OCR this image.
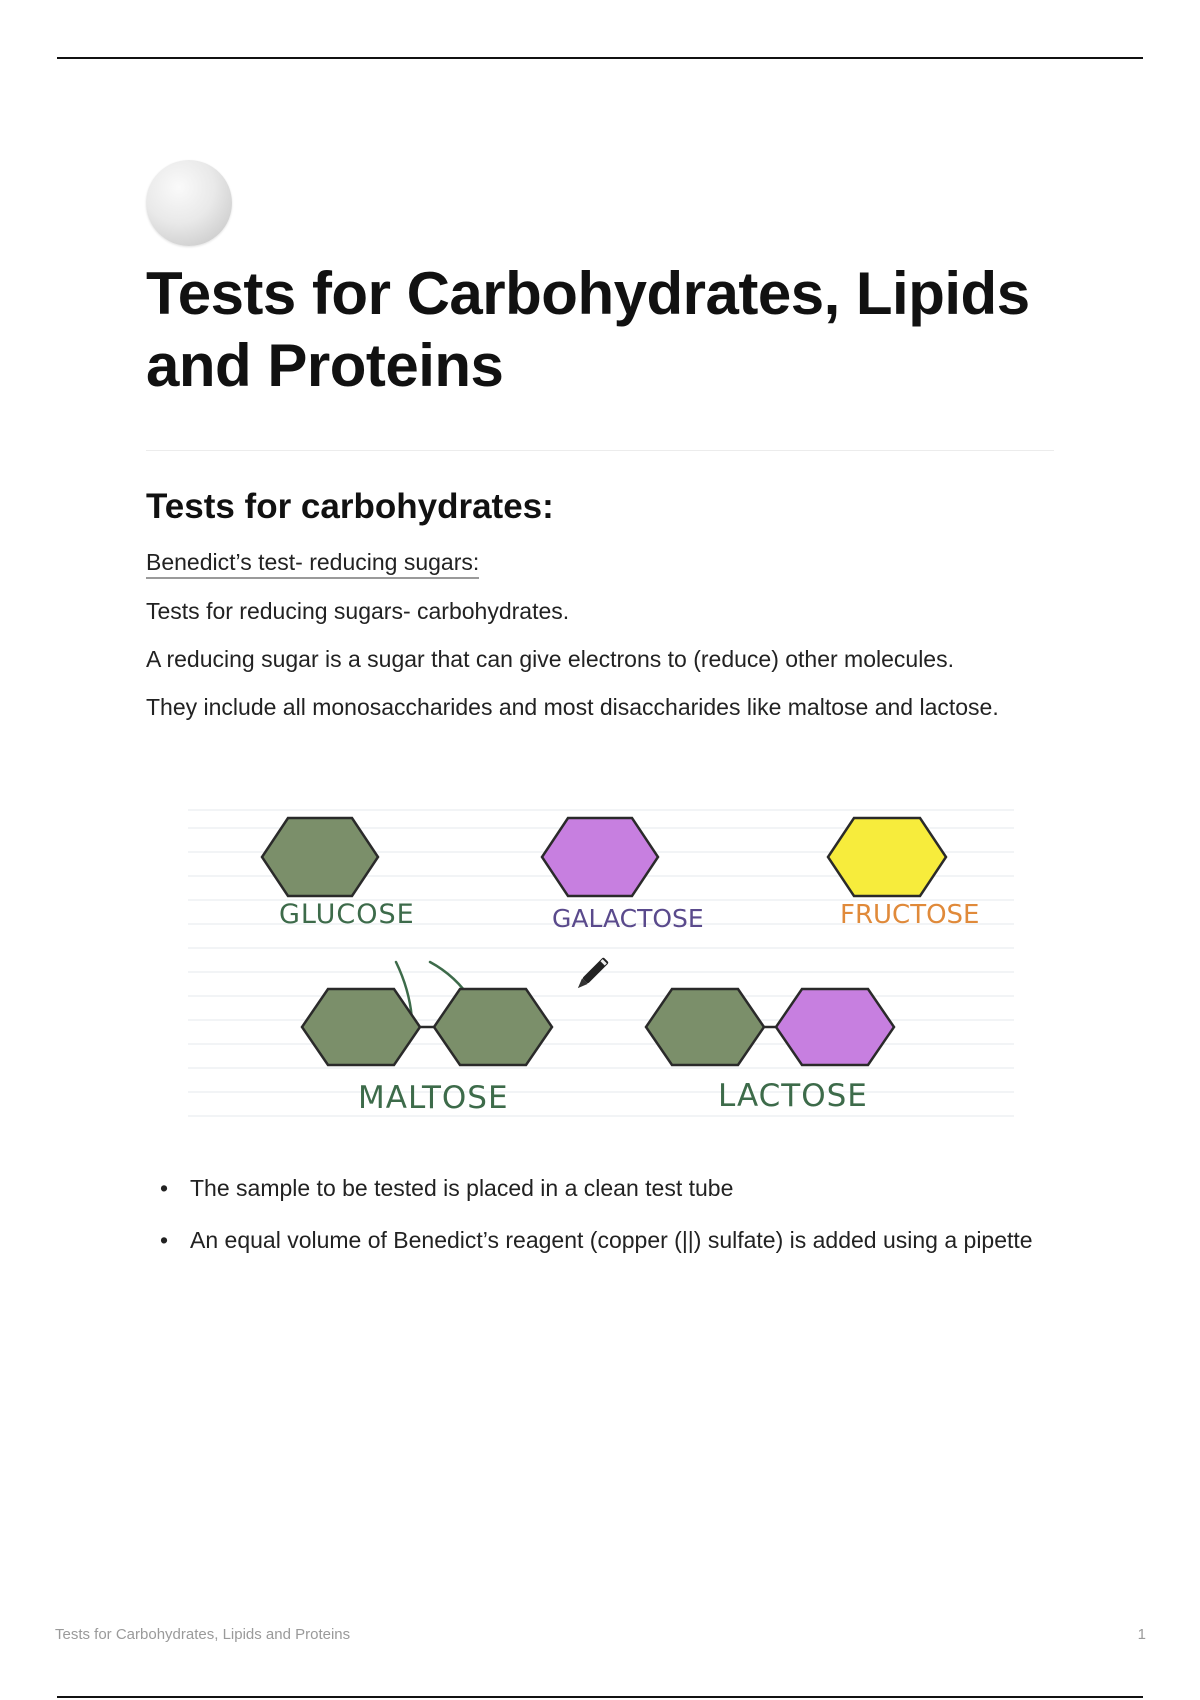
Tests for Carbohydrates, Lipids and Proteins
Tests for carbohydrates:
Benedict’s test- reducing sugars:

Tests for reducing sugars- carbohydrates.

A reducing sugar is a sugar that can give electrons to (reduce) other molecules.

They include all monosaccharides and most disaccharides like maltose and lactose.

GLUCOSE	GALACTOSE	FRUCTOSE
MALTOSE	LACTOSE
• The sample to be tested is placed in a clean test tube
• An equal volume of Benedict’s reagent (copper (||) sulfate) is added using a pipette
Tests for Carbohydrates, Lipids and Proteins	1
